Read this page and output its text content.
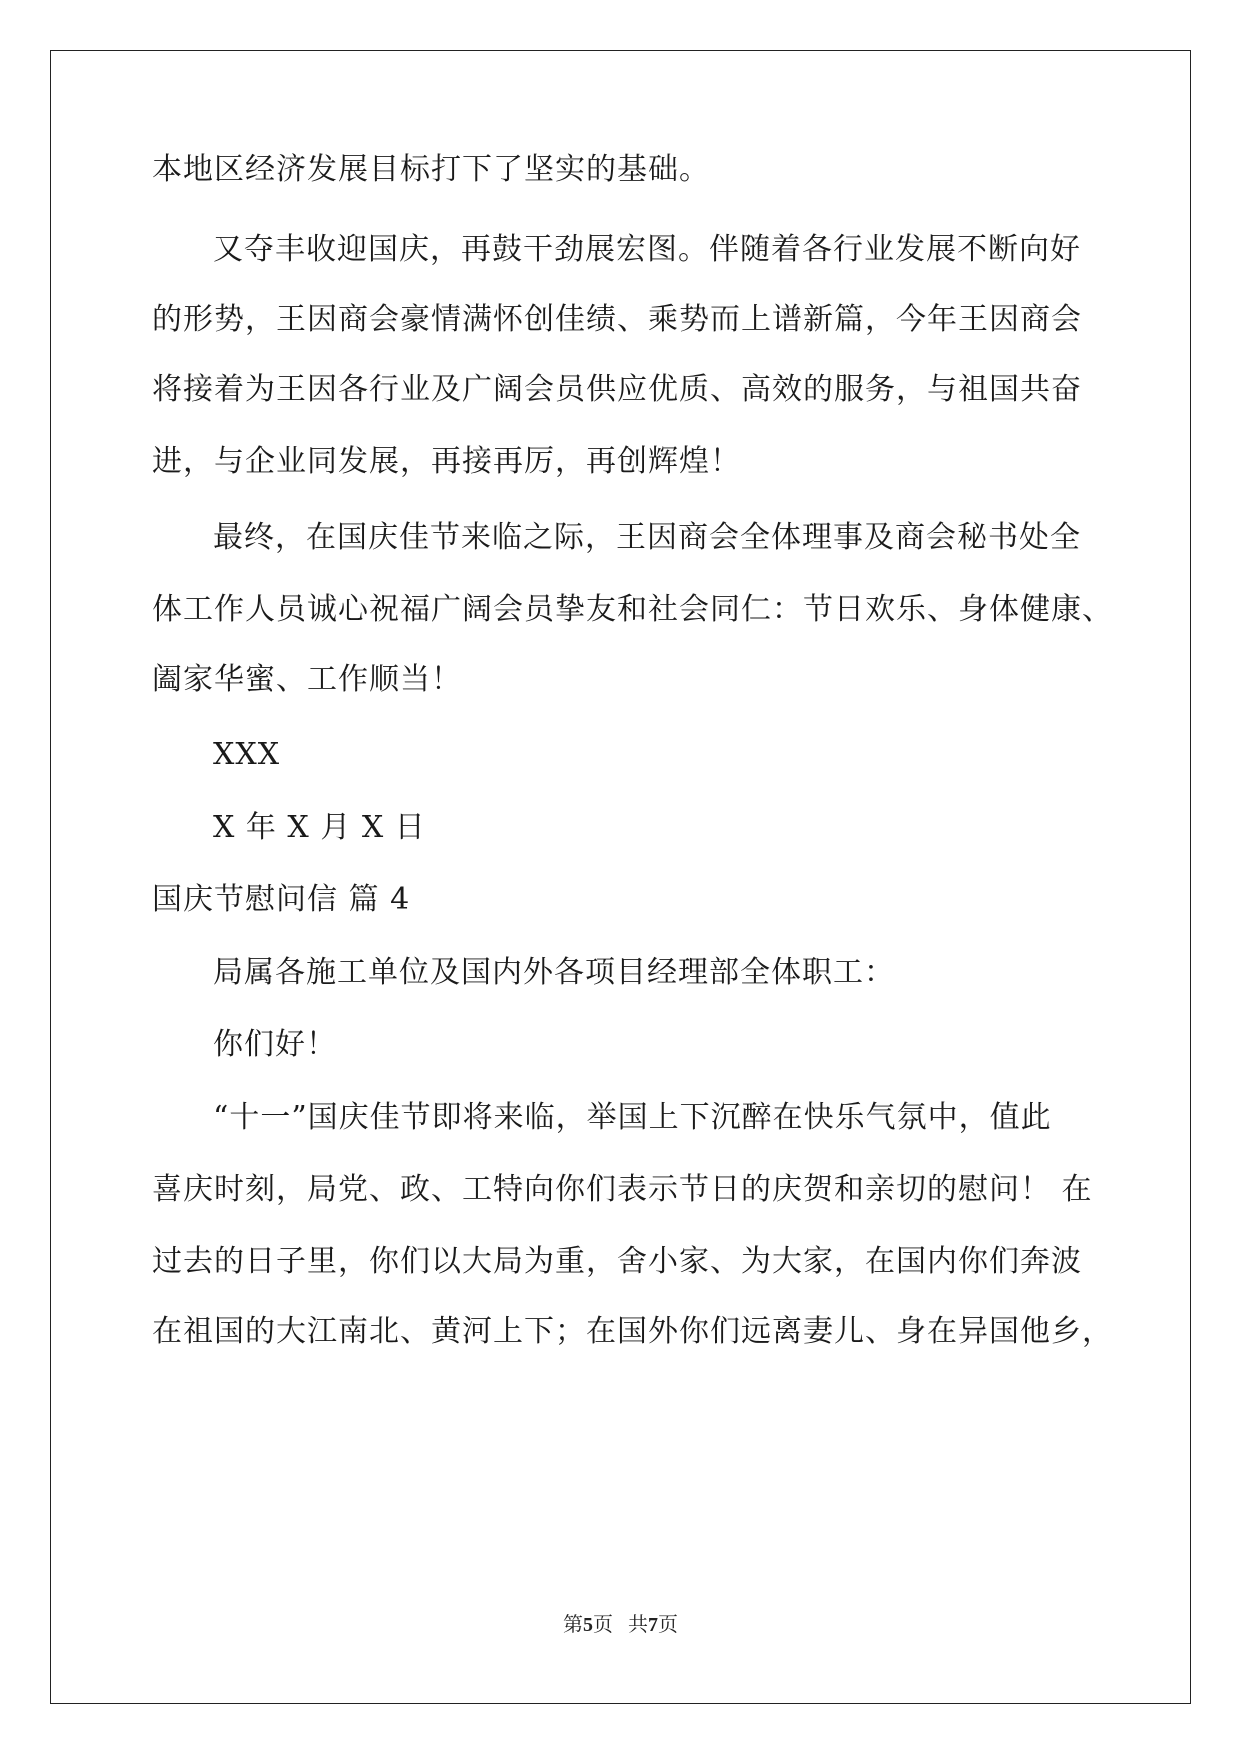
本地区经济发展目标打下了坚实的基础。
又夺丰收迎国庆，再鼓干劲展宏图。伴随着各行业发展不断向好
的形势，王因商会豪情满怀创佳绩、乘势而上谱新篇，今年王因商会
将接着为王因各行业及广阔会员供应优质、高效的服务，与祖国共奋
进，与企业同发展，再接再厉，再创辉煌！
最终，在国庆佳节来临之际，王因商会全体理事及商会秘书处全
体工作人员诚心祝福广阔会员挚友和社会同仁：节日欢乐、身体健康、
阖家华蜜、工作顺当！
XXX
X 年 X 月 X 日
国庆节慰问信 篇 4
局属各施工单位及国内外各项目经理部全体职工：
你们好！
“十一”国庆佳节即将来临，举国上下沉醉在快乐气氛中，值此
喜庆时刻，局党、政、工特向你们表示节日的庆贺和亲切的慰问！ 在
过去的日子里，你们以大局为重，舍小家、为大家，在国内你们奔波
在祖国的大江南北、黄河上下；在国外你们远离妻儿、身在异国他乡，
第5页 共7页
